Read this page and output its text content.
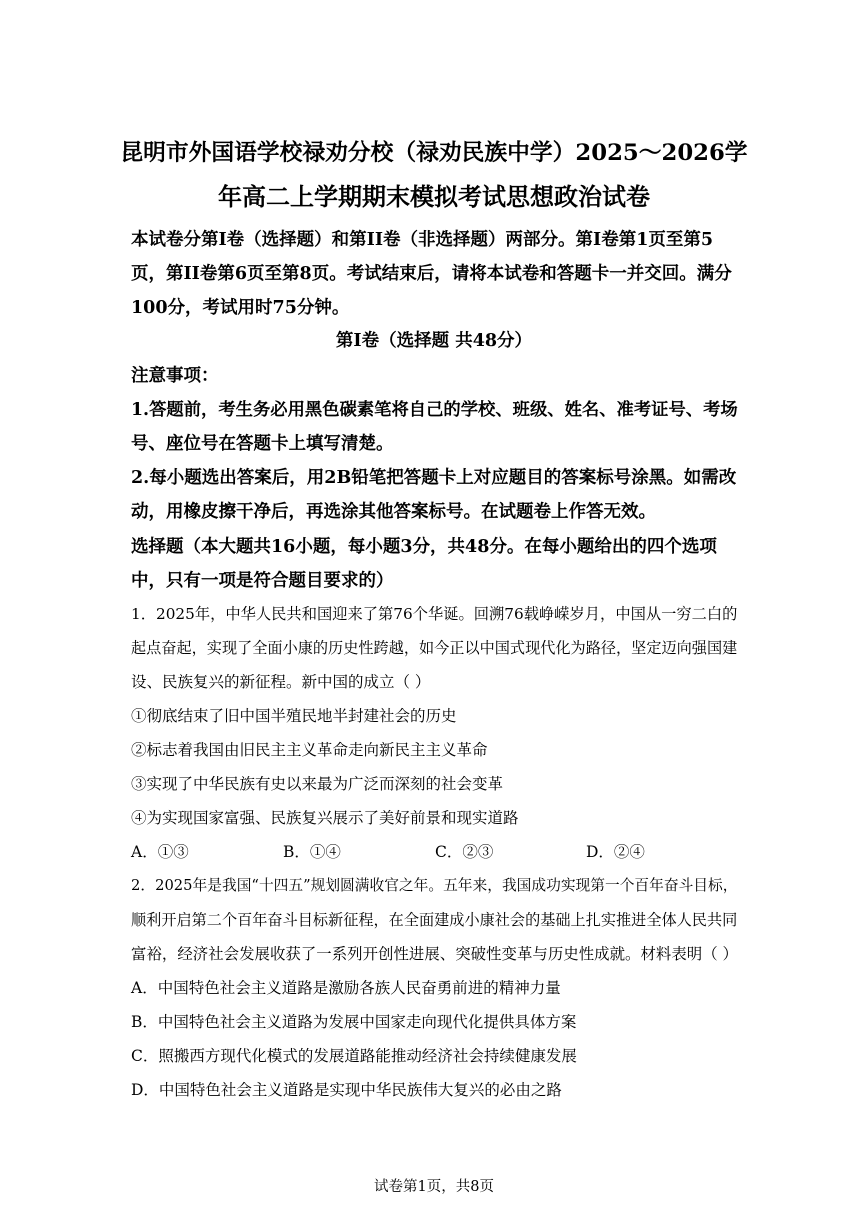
昆明市外国语学校禄劝分校（禄劝民族中学）2025～2026学
年高二上学期期末模拟考试思想政治试卷
本试卷分第I卷（选择题）和第II卷（非选择题）两部分。第I卷第1页至第5
页，第II卷第6页至第8页。考试结束后，请将本试卷和答题卡一并交回。满分
100分，考试用时75分钟。
第I卷（选择题 共48分）
注意事项：
1.答题前，考生务必用黑色碳素笔将自己的学校、班级、姓名、准考证号、考场
号、座位号在答题卡上填写清楚。
2.每小题选出答案后，用2B铅笔把答题卡上对应题目的答案标号涂黑。如需改
动，用橡皮擦干净后，再选涂其他答案标号。在试题卷上作答无效。
选择题（本大题共16小题，每小题3分，共48分。在每小题给出的四个选项
中，只有一项是符合题目要求的）
1．2025年，中华人民共和国迎来了第76个华诞。回溯76载峥嵘岁月，中国从一穷二白的
起点奋起，实现了全面小康的历史性跨越，如今正以中国式现代化为路径，坚定迈向强国建
设、民族复兴的新征程。新中国的成立（ ）
①彻底结束了旧中国半殖民地半封建社会的历史
②标志着我国由旧民主主义革命走向新民主主义革命
③实现了中华民族有史以来最为广泛而深刻的社会变革
④为实现国家富强、民族复兴展示了美好前景和现实道路
A．①③	B．①④	C．②③	D．②④
2．2025年是我国“十四五”规划圆满收官之年。五年来，我国成功实现第一个百年奋斗目标，
顺利开启第二个百年奋斗目标新征程，在全面建成小康社会的基础上扎实推进全体人民共同
富裕，经济社会发展收获了一系列开创性进展、突破性变革与历史性成就。材料表明（ ）
A．中国特色社会主义道路是激励各族人民奋勇前进的精神力量
B．中国特色社会主义道路为发展中国家走向现代化提供具体方案
C．照搬西方现代化模式的发展道路能推动经济社会持续健康发展
D．中国特色社会主义道路是实现中华民族伟大复兴的必由之路
试卷第1页，共8页
